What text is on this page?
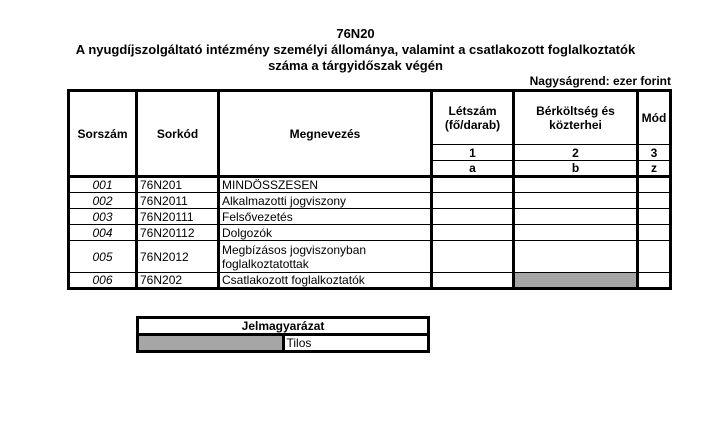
76N20
A nyugdíjszolgáltató intézmény személyi állománya, valamint a csatlakozott foglalkoztatók
száma a tárgyidőszak végén
Nagyságrend: ezer forint
Sorszám	Sorkód	Megnevezés	Létszám (fő/darab)	Bérköltség és közterhei	Mód
			1	2	3
			a	b	z
001	76N201	MINDÖSSZESEN			
002	76N2011	Alkalmazotti jogviszony			
003	76N20111	Felsővezetés			
004	76N20112	Dolgozók			
005	76N2012	Megbízásos jogviszonyban foglalkoztatottak			
006	76N202	Csatlakozott foglalkoztatók			
Jelmagyarázat
	Tilos
